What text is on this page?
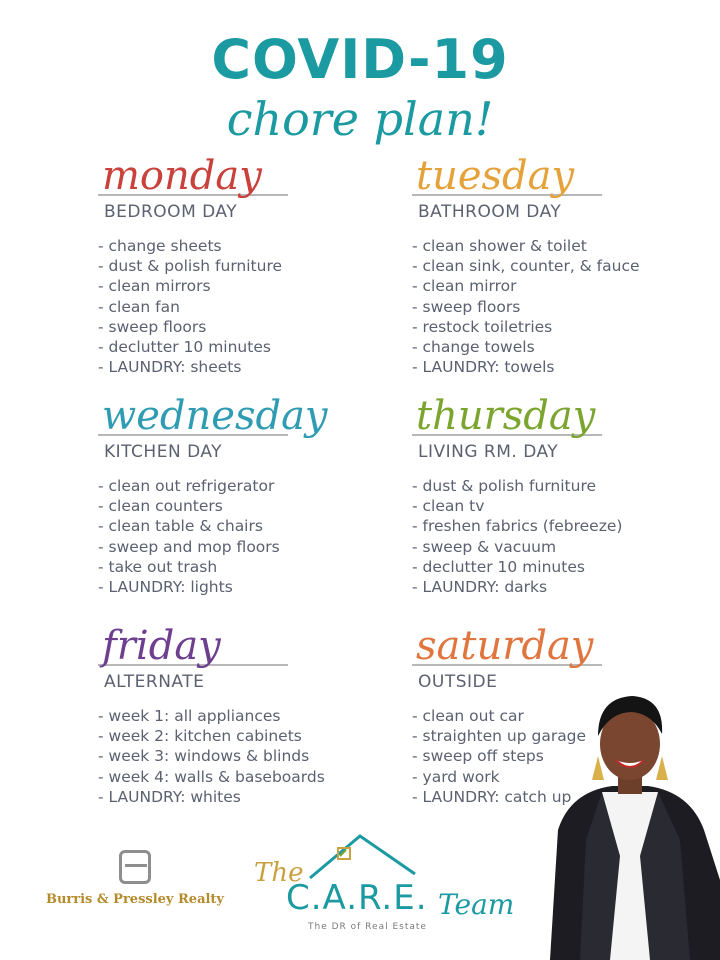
COVID-19
chore plan!
monday
BEDROOM DAY
- change sheets
- dust & polish furniture
- clean mirrors
- clean fan
- sweep floors
- declutter 10 minutes
- LAUNDRY: sheets
tuesday
BATHROOM DAY
- clean shower & toilet
- clean sink, counter, & fauce
- clean mirror
- sweep floors
- restock toiletries
- change towels
- LAUNDRY: towels
wednesday
KITCHEN DAY
- clean out refrigerator
- clean counters
- clean table & chairs
- sweep and mop floors
- take out trash
- LAUNDRY: lights
thursday
LIVING RM. DAY
- dust & polish furniture
- clean tv
- freshen fabrics (febreeze)
- sweep & vacuum
- declutter 10 minutes
- LAUNDRY: darks
friday
ALTERNATE
- week 1: all appliances
- week 2: kitchen cabinets
- week 3: windows & blinds
- week 4: walls & baseboards
- LAUNDRY: whites
saturday
OUTSIDE
- clean out car
- straighten up garage
- sweep off steps
- yard work
- LAUNDRY: catch up
Burris & Pressley Realty
The
C.A.R.E. Team
The DR of Real Estate
